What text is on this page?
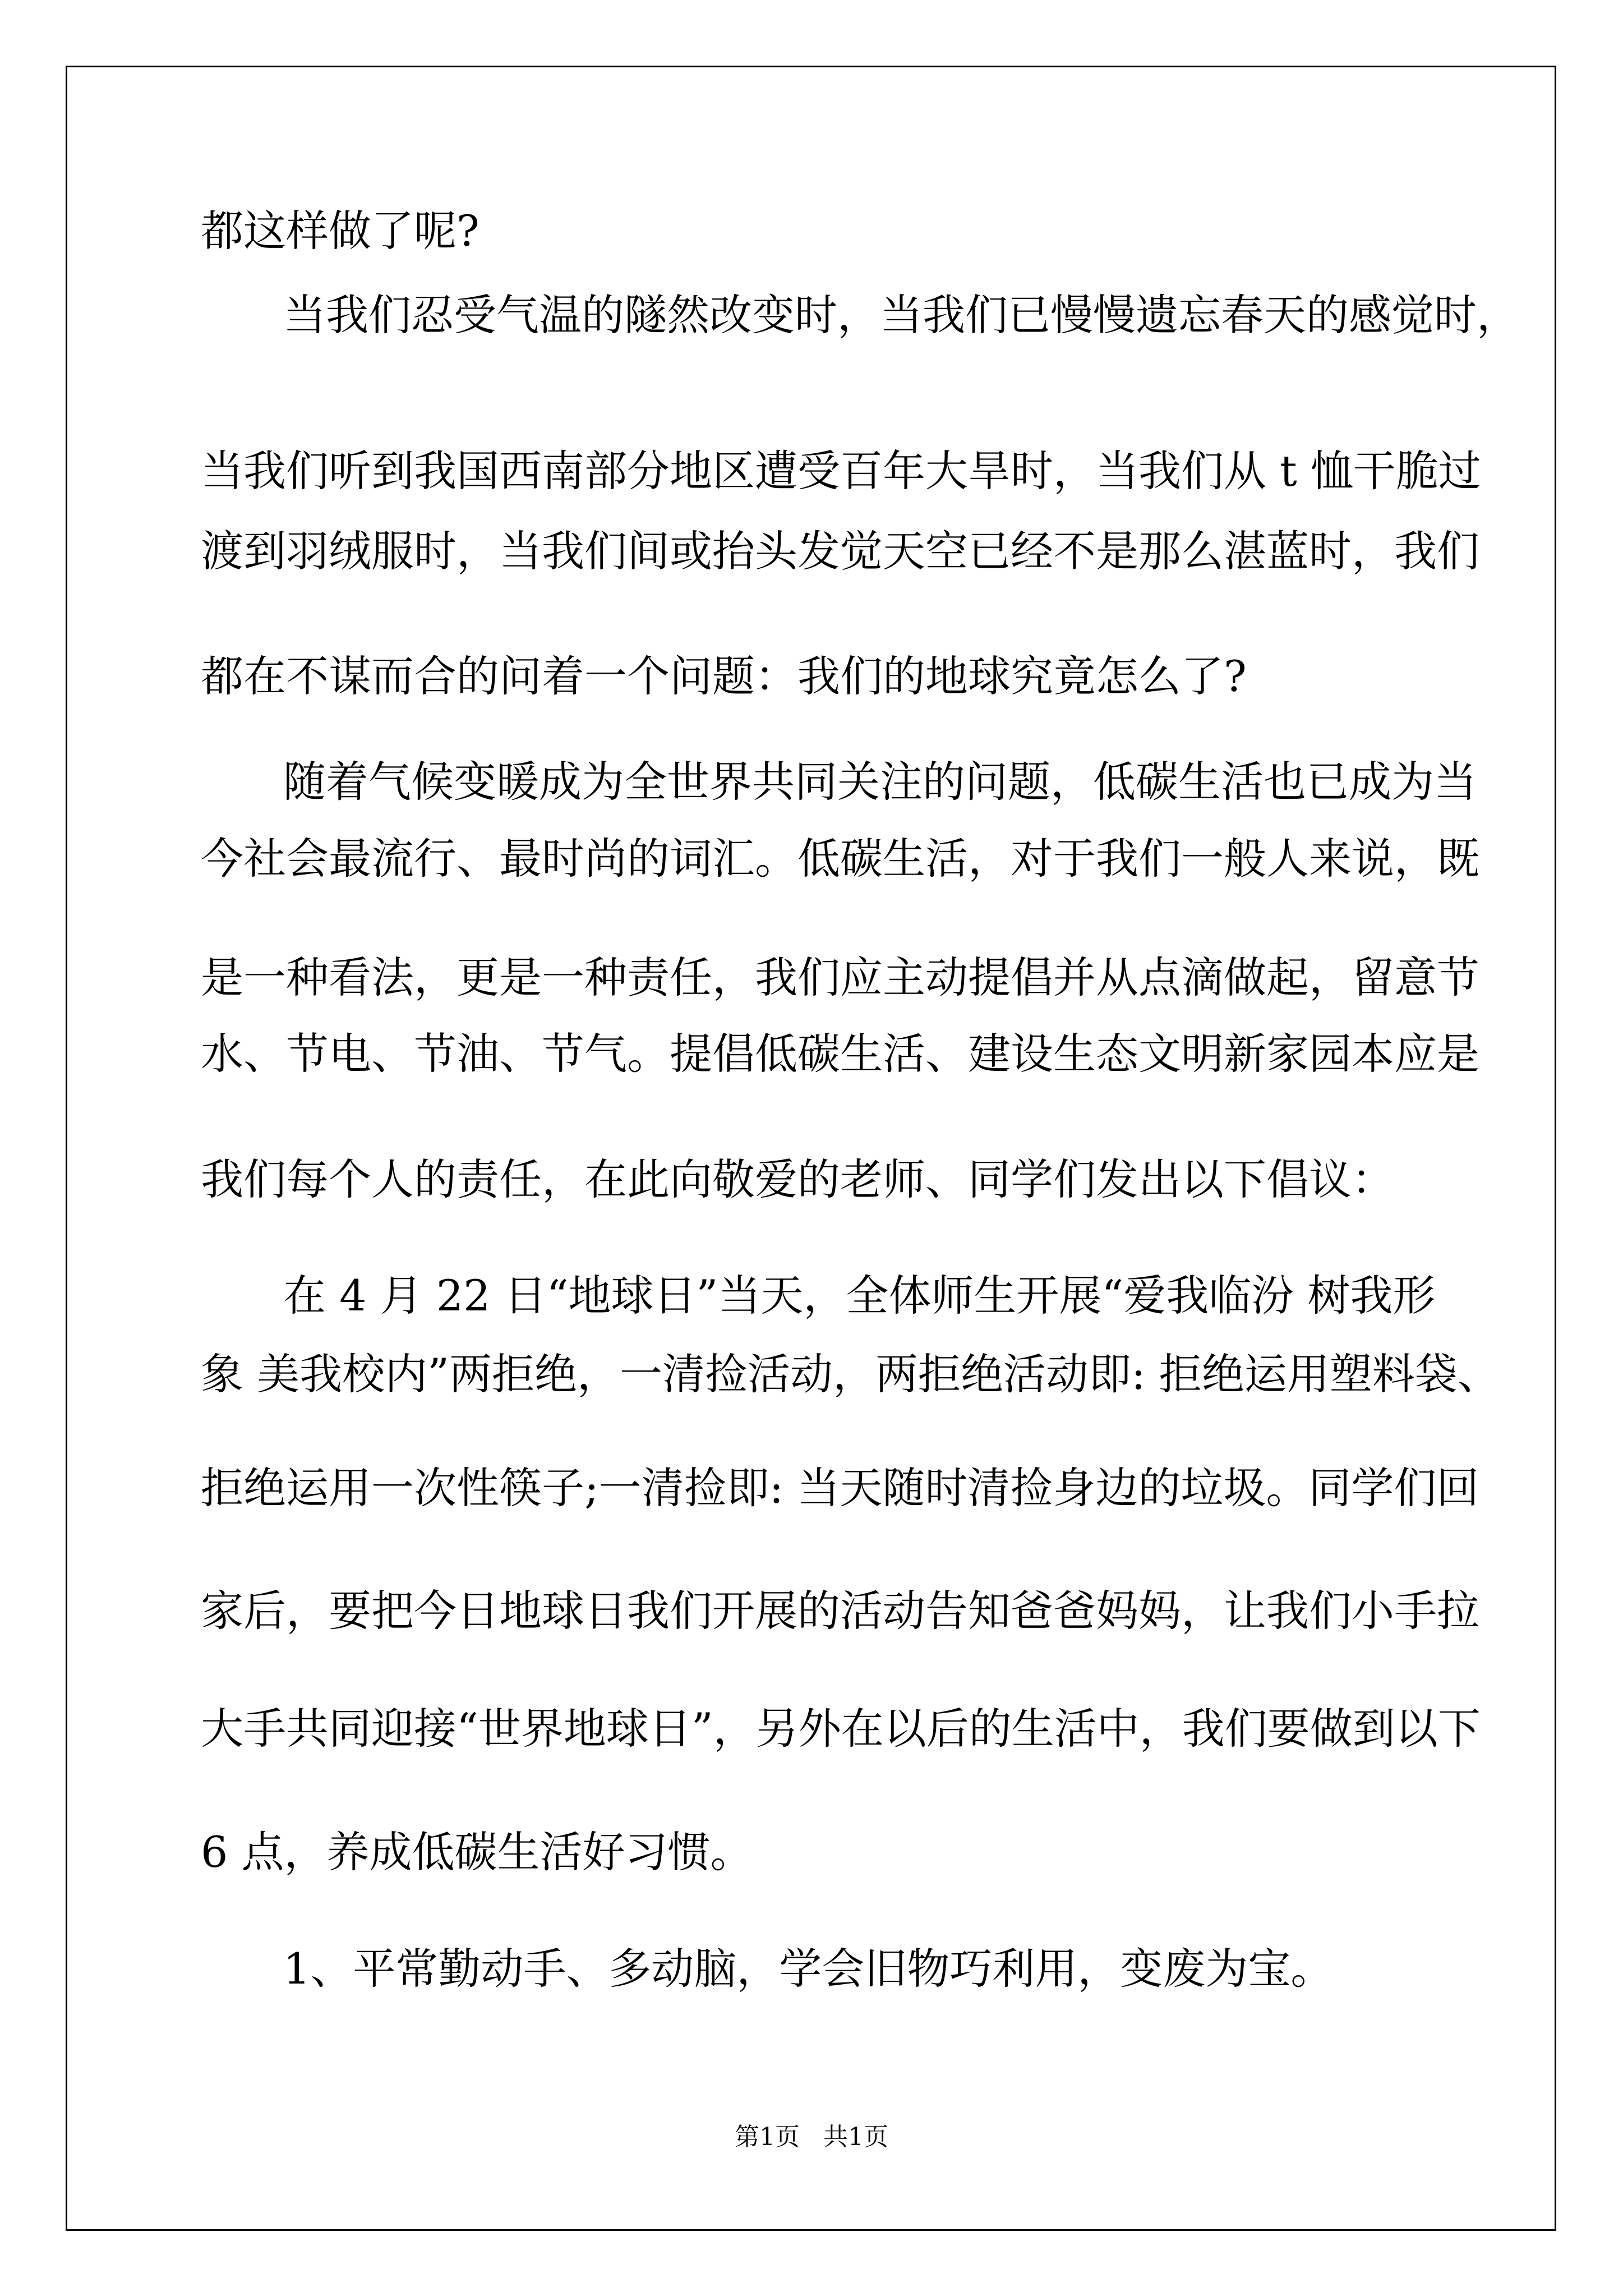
都这样做了呢?
当我们忍受气温的隧然改变时，当我们已慢慢遗忘春天的感觉时，
当我们听到我国西南部分地区遭受百年大旱时，当我们从 t 恤干脆过
渡到羽绒服时，当我们间或抬头发觉天空已经不是那么湛蓝时，我们
都在不谋而合的问着一个问题：我们的地球究竟怎么了?
随着气候变暖成为全世界共同关注的问题，低碳生活也已成为当
今社会最流行、最时尚的词汇。低碳生活，对于我们一般人来说，既
是一种看法，更是一种责任，我们应主动提倡并从点滴做起，留意节
水、节电、节油、节气。提倡低碳生活、建设生态文明新家园本应是
我们每个人的责任，在此向敬爱的老师、同学们发出以下倡议：
在 4 月 22 日“地球日”当天，全体师生开展“爱我临汾 树我形
象 美我校内”两拒绝，一清捡活动，两拒绝活动即: 拒绝运用塑料袋、
拒绝运用一次性筷子;一清捡即: 当天随时清捡身边的垃圾。同学们回
家后，要把今日地球日我们开展的活动告知爸爸妈妈，让我们小手拉
大手共同迎接“世界地球日”，另外在以后的生活中，我们要做到以下
6 点，养成低碳生活好习惯。
1、平常勤动手、多动脑，学会旧物巧利用，变废为宝。
第1页 共1页
